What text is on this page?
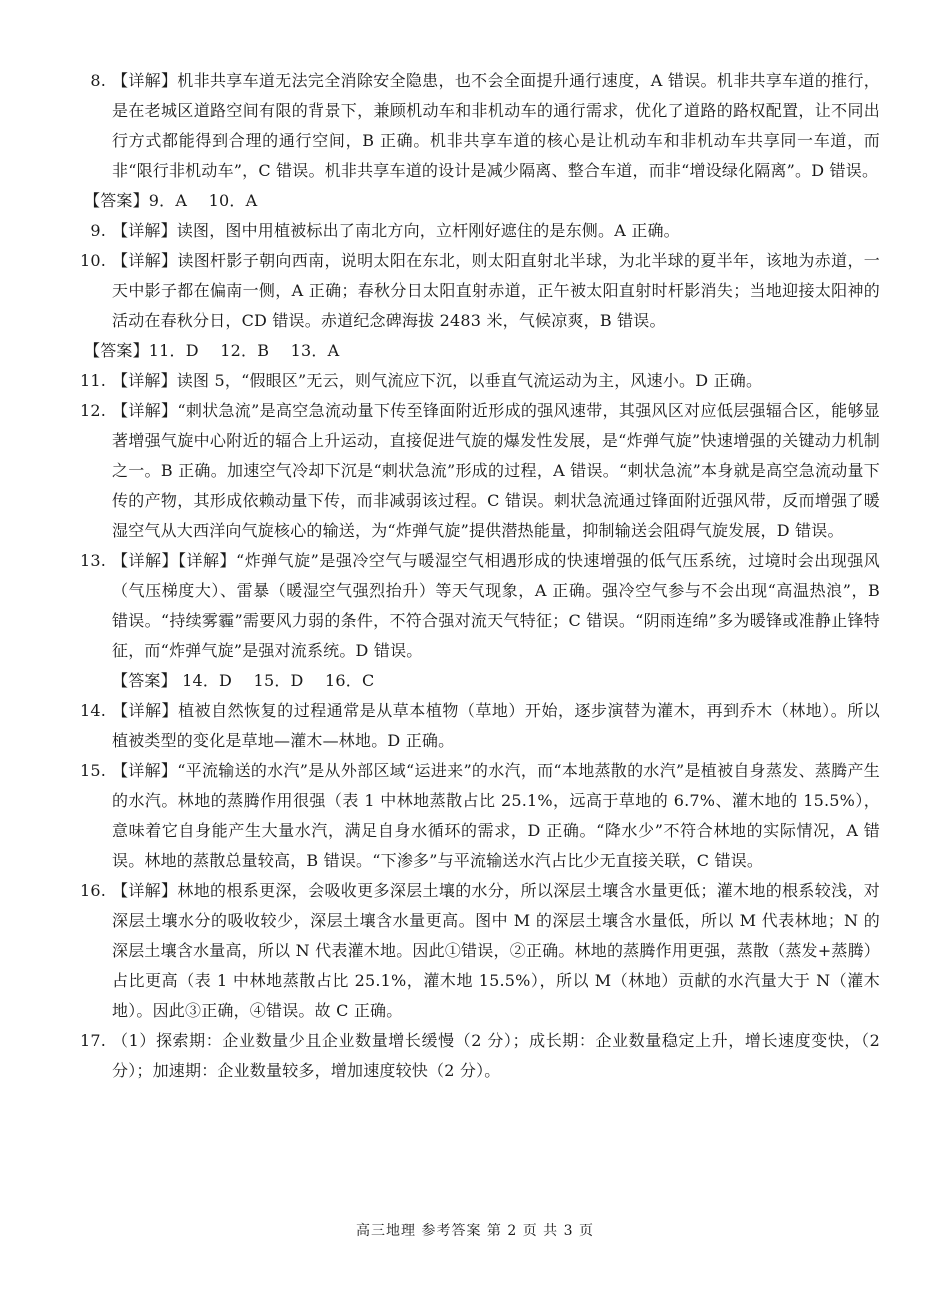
8. 【详解】机非共享车道无法完全消除安全隐患，也不会全面提升通行速度，A 错误。机非共享车道的推行，是在老城区道路空间有限的背景下，兼顾机动车和非机动车的通行需求，优化了道路的路权配置，让不同出行方式都能得到合理的通行空间，B 正确。机非共享车道的核心是让机动车和非机动车共享同一车道，而非“限行非机动车”，C 错误。机非共享车道的设计是减少隔离、整合车道，而非“增设绿化隔离”。D 错误。
【答案】9．A　 10．A
9. 【详解】读图，图中用植被标出了南北方向，立杆刚好遮住的是东侧。A 正确。
10. 【详解】读图杆影子朝向西南，说明太阳在东北，则太阳直射北半球，为北半球的夏半年，该地为赤道，一天中影子都在偏南一侧，A 正确；春秋分日太阳直射赤道，正午被太阳直射时杆影消失；当地迎接太阳神的活动在春秋分日，CD 错误。赤道纪念碑海拔 2483 米，气候凉爽，B 错误。
【答案】11．D　 12．B　 13．A
11. 【详解】读图 5，“假眼区”无云，则气流应下沉，以垂直气流运动为主，风速小。D 正确。
12. 【详解】“刺状急流”是高空急流动量下传至锋面附近形成的强风速带，其强风区对应低层强辐合区，能够显著增强气旋中心附近的辐合上升运动，直接促进气旋的爆发性发展，是“炸弹气旋”快速增强的关键动力机制之一。B 正确。加速空气冷却下沉是“刺状急流”形成的过程，A 错误。“刺状急流”本身就是高空急流动量下传的产物，其形成依赖动量下传，而非减弱该过程。C 错误。刺状急流通过锋面附近强风带，反而增强了暖湿空气从大西洋向气旋核心的输送，为“炸弹气旋”提供潜热能量，抑制输送会阻碍气旋发展，D 错误。
13. 【详解】【详解】“炸弹气旋”是强冷空气与暖湿空气相遇形成的快速增强的低气压系统，过境时会出现强风（气压梯度大）、雷暴（暖湿空气强烈抬升）等天气现象，A 正确。强冷空气参与不会出现“高温热浪”，B 错误。“持续雾霾”需要风力弱的条件，不符合强对流天气特征；C 错误。“阴雨连绵”多为暖锋或准静止锋特征，而“炸弹气旋”是强对流系统。D 错误。
【答案】 14．D　 15．D　 16．C
14. 【详解】植被自然恢复的过程通常是从草本植物（草地）开始，逐步演替为灌木，再到乔木（林地）。所以植被类型的变化是草地—灌木—林地。D 正确。
15. 【详解】“平流输送的水汽”是从外部区域“运进来”的水汽，而“本地蒸散的水汽”是植被自身蒸发、蒸腾产生的水汽。林地的蒸腾作用很强（表 1 中林地蒸散占比 25.1%，远高于草地的 6.7%、灌木地的 15.5%），意味着它自身能产生大量水汽，满足自身水循环的需求，D 正确。“降水少”不符合林地的实际情况，A 错误。林地的蒸散总量较高，B 错误。“下渗多”与平流输送水汽占比少无直接关联，C 错误。
16. 【详解】林地的根系更深，会吸收更多深层土壤的水分，所以深层土壤含水量更低；灌木地的根系较浅，对深层土壤水分的吸收较少，深层土壤含水量更高。图中 M 的深层土壤含水量低，所以 M 代表林地；N 的深层土壤含水量高，所以 N 代表灌木地。因此①错误，②正确。林地的蒸腾作用更强，蒸散（蒸发+蒸腾）占比更高（表 1 中林地蒸散占比 25.1%，灌木地 15.5%），所以 M（林地）贡献的水汽量大于 N（灌木地）。因此③正确，④错误。故 C 正确。
17. （1）探索期：企业数量少且企业数量增长缓慢（2 分）；成长期：企业数量稳定上升，增长速度变快，（2 分）；加速期：企业数量较多，增加速度较快（2 分）。
高三地理 参考答案 第 2 页 共 3 页
